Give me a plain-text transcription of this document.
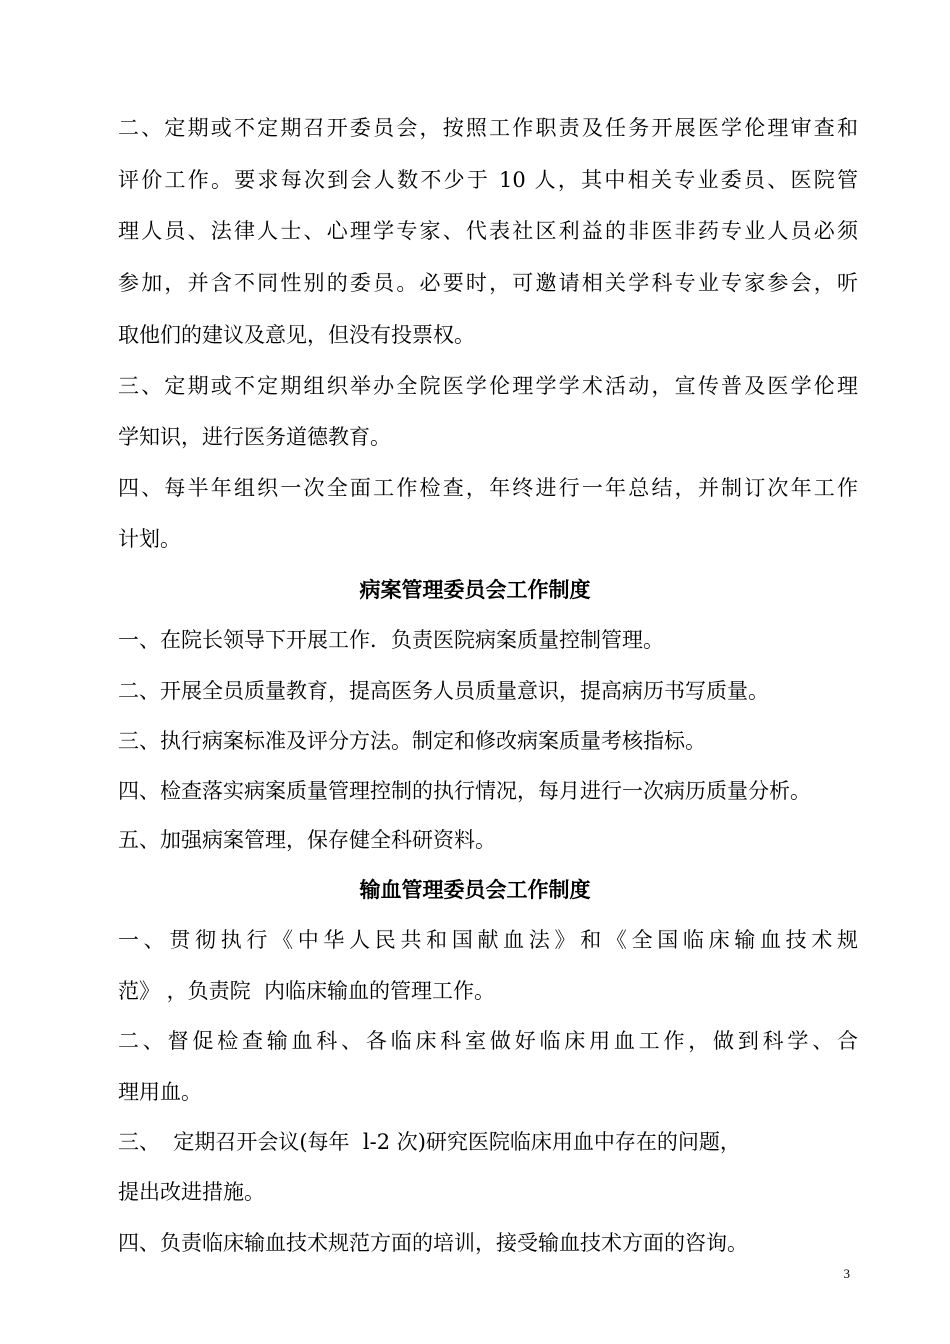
二、定期或不定期召开委员会，按照工作职责及任务开展医学伦理审查和
评价工作。要求每次到会人数不少于 10 人，其中相关专业委员、医院管
理人员、法律人士、心理学专家、代表社区利益的非医非药专业人员必须
参加，并含不同性别的委员。必要时，可邀请相关学科专业专家参会，听
取他们的建议及意见，但没有投票权。
三、定期或不定期组织举办全院医学伦理学学术活动，宣传普及医学伦理
学知识，进行医务道德教育。
四、每半年组织一次全面工作检查，年终进行一年总结，并制订次年工作
计划。
病案管理委员会工作制度
一、在院长领导下开展工作．负责医院病案质量控制管理。
二、开展全员质量教育，提高医务人员质量意识，提高病历书写质量。
三、执行病案标准及评分方法。制定和修改病案质量考核指标。
四、检查落实病案质量管理控制的执行情况，每月进行一次病历质量分析。
五、加强病案管理，保存健全科研资料。
输血管理委员会工作制度
一、贯彻执行《中华人民共和国献血法》和《全国临床输血技术规
范》 ，负责院  内临床输血的管理工作。
二、督促检查输血科、各临床科室做好临床用血工作，做到科学、合
理用血。
三、  定期召开会议(每年  l-2 次)研究医院临床用血中存在的问题，
提出改进措施。
四、负责临床输血技术规范方面的培训，接受输血技术方面的咨询。
3
